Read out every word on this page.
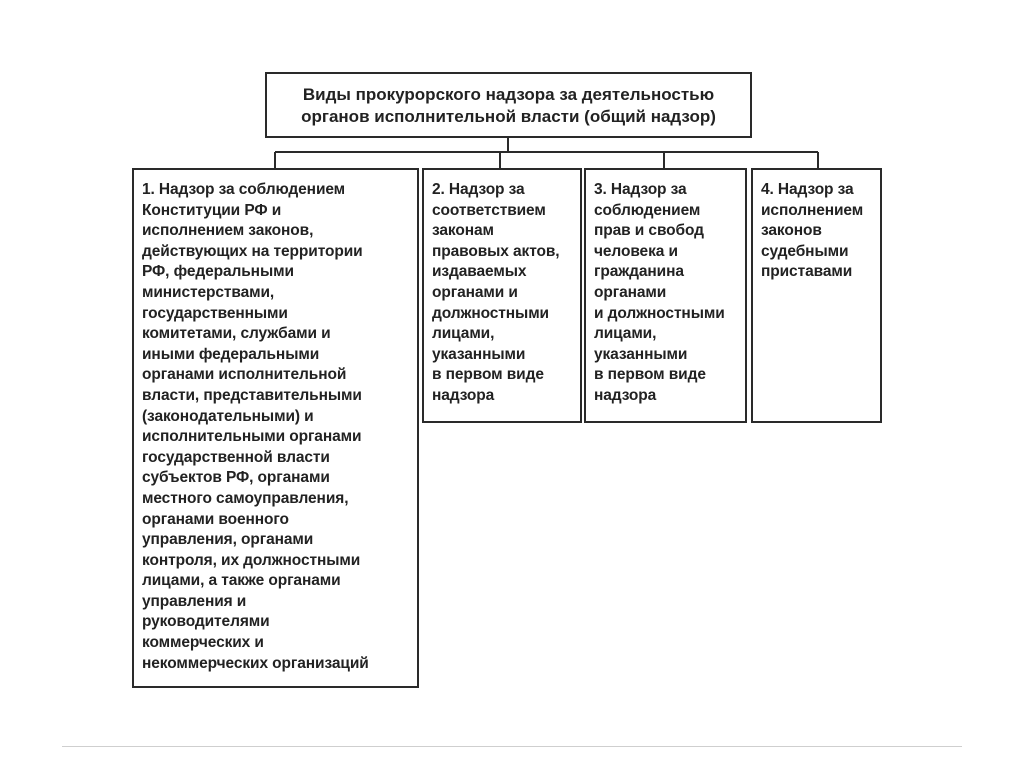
Виды прокурорского надзора за деятельностью
органов исполнительной власти (общий надзор)
1. Надзор за соблюдением
Конституции РФ и
исполнением законов,
действующих на территории
РФ, федеральными
министерствами,
государственными
комитетами, службами и
иными федеральными
органами исполнительной
власти, представительными
(законодательными) и
исполнительными органами
государственной власти
субъектов РФ, органами
местного самоуправления,
органами военного
управления, органами
контроля, их должностными
лицами, а также органами
управления и
руководителями
коммерческих и
некоммерческих организаций
2. Надзор за
соответствием
законам
правовых актов,
издаваемых
органами и
должностными
лицами,
указанными
в первом виде
надзора
3. Надзор за
соблюдением
прав и свобод
человека и
гражданина
органами
и должностными
лицами,
указанными
в первом виде
надзора
4. Надзор за
исполнением
законов
судебными
приставами
